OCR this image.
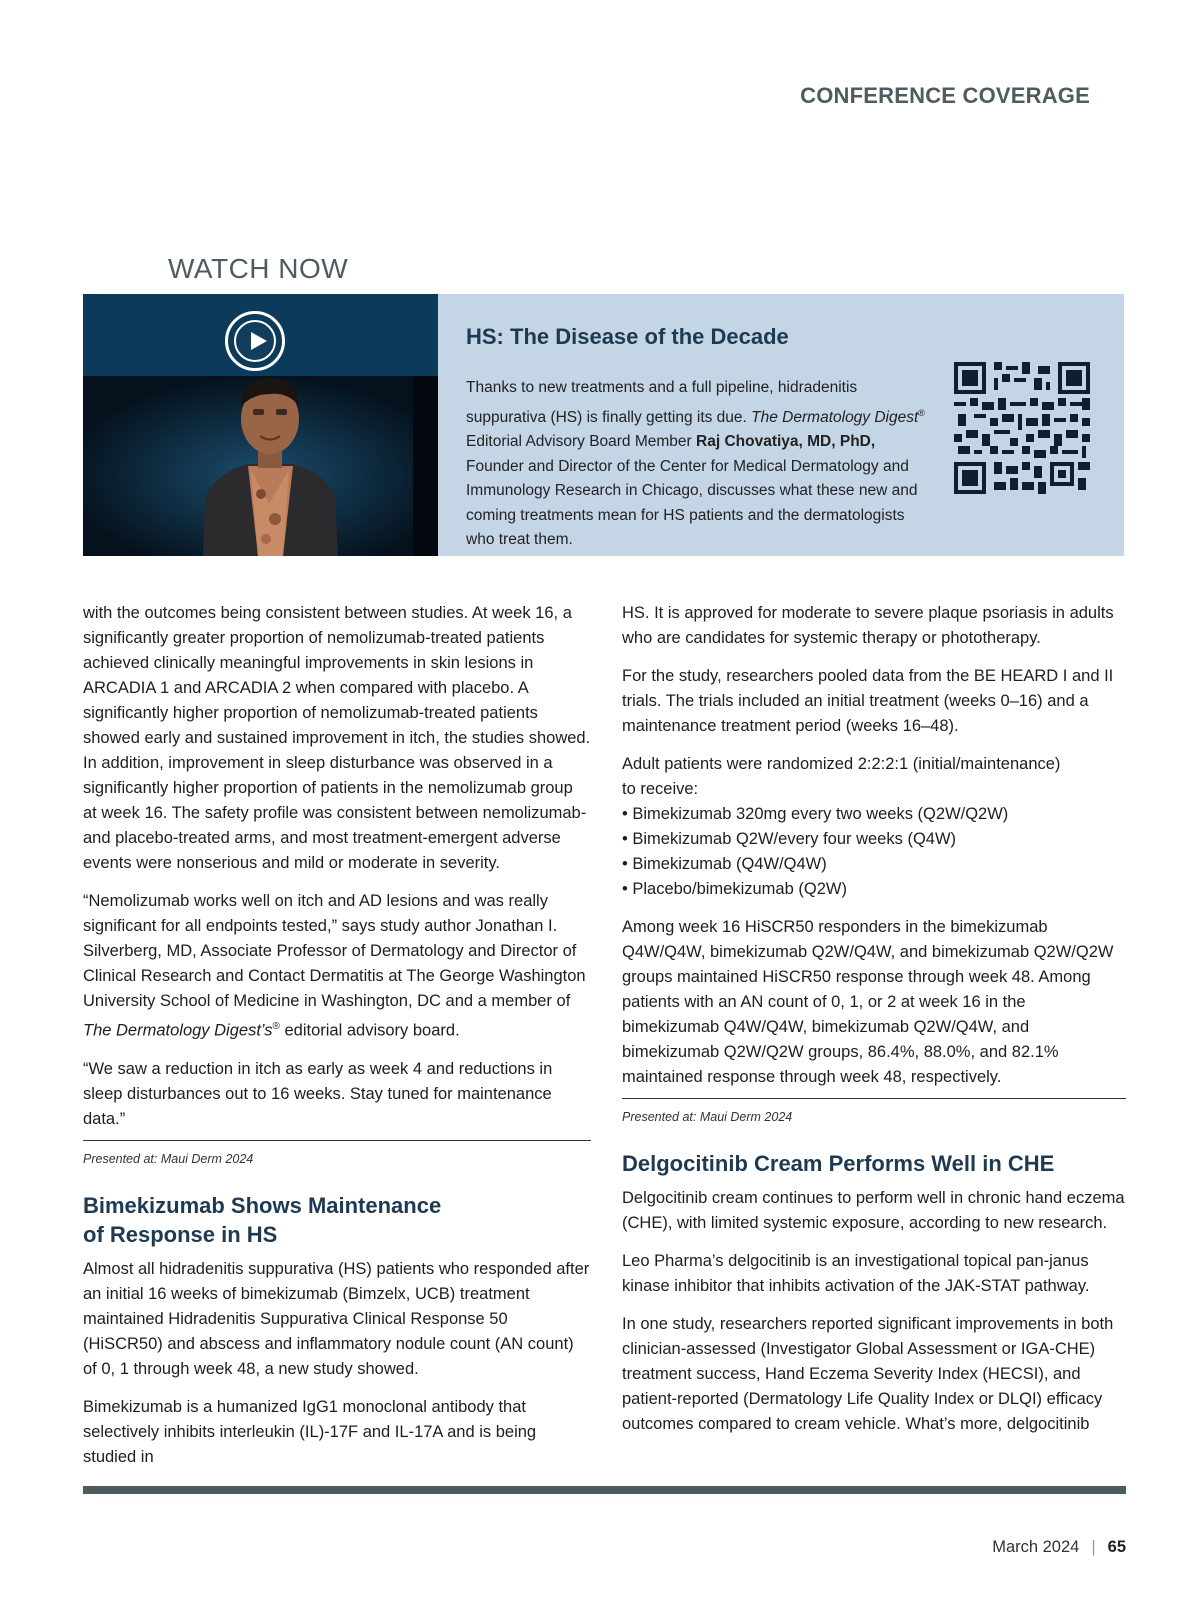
CONFERENCE COVERAGE
WATCH NOW
HS: The Disease of the Decade
Thanks to new treatments and a full pipeline, hidradenitis suppurativa (HS) is finally getting its due. The Dermatology Digest® Editorial Advisory Board Member Raj Chovatiya, MD, PhD, Founder and Director of the Center for Medical Dermatology and Immunology Research in Chicago, discusses what these new and coming treatments mean for HS patients and the dermatologists who treat them.

with the outcomes being consistent between studies. At week 16, a significantly greater proportion of nemolizumab-treated patients achieved clinically meaningful improvements in skin lesions in ARCADIA 1 and ARCADIA 2 when compared with placebo. A significantly higher proportion of nemolizumab-treated patients showed early and sustained improvement in itch, the studies showed. In addition, improvement in sleep disturbance was observed in a significantly higher proportion of patients in the nemolizumab group at week 16. The safety profile was consistent between nemolizumab- and placebo-treated arms, and most treatment-emergent adverse events were nonserious and mild or moderate in severity.

“Nemolizumab works well on itch and AD lesions and was really significant for all endpoints tested,” says study author Jonathan I. Silverberg, MD, Associate Professor of Dermatology and Director of Clinical Research and Contact Dermatitis at The George Washington University School of Medicine in Washington, DC and a member of The Dermatology Digest’s® editorial advisory board.

“We saw a reduction in itch as early as week 4 and reductions in sleep disturbances out to 16 weeks. Stay tuned for maintenance data.”

Presented at: Maui Derm 2024
Bimekizumab Shows Maintenance
of Response in HS

Almost all hidradenitis suppurativa (HS) patients who responded after an initial 16 weeks of bimekizumab (Bimzelx, UCB) treatment maintained Hidradenitis Suppurativa Clinical Response 50 (HiSCR50) and abscess and inflammatory nodule count (AN count) of 0, 1 through week 48, a new study showed.

Bimekizumab is a humanized IgG1 monoclonal antibody that selectively inhibits interleukin (IL)-17F and IL-17A and is being studied in

HS. It is approved for moderate to severe plaque psoriasis in adults who are candidates for systemic therapy or phototherapy.

For the study, researchers pooled data from the BE HEARD I and II trials. The trials included an initial treatment (weeks 0–16) and a maintenance treatment period (weeks 16–48).

Adult patients were randomized 2:2:2:1 (initial/maintenance)
to receive:

• Bimekizumab 320mg every two weeks (Q2W/Q2W)
• Bimekizumab Q2W/every four weeks (Q4W)
• Bimekizumab (Q4W/Q4W)
• Placebo/bimekizumab (Q2W)

Among week 16 HiSCR50 responders in the bimekizumab Q4W/Q4W, bimekizumab Q2W/Q4W, and bimekizumab Q2W/Q2W groups maintained HiSCR50 response through week 48. Among patients with an AN count of 0, 1, or 2 at week 16 in the bimekizumab Q4W/Q4W, bimekizumab Q2W/Q4W, and bimekizumab Q2W/Q2W groups, 86.4%, 88.0%, and 82.1% maintained response through week 48, respectively.

Presented at: Maui Derm 2024
Delgocitinib Cream Performs Well in CHE

Delgocitinib cream continues to perform well in chronic hand eczema (CHE), with limited systemic exposure, according to new research.

Leo Pharma’s delgocitinib is an investigational topical pan-janus kinase inhibitor that inhibits activation of the JAK-STAT pathway.

In one study, researchers reported significant improvements in both clinician-assessed (Investigator Global Assessment or IGA-CHE) treatment success, Hand Eczema Severity Index (HECSI), and patient-reported (Dermatology Life Quality Index or DLQI) efficacy outcomes compared to cream vehicle. What’s more, delgocitinib

March 2024 | 65
